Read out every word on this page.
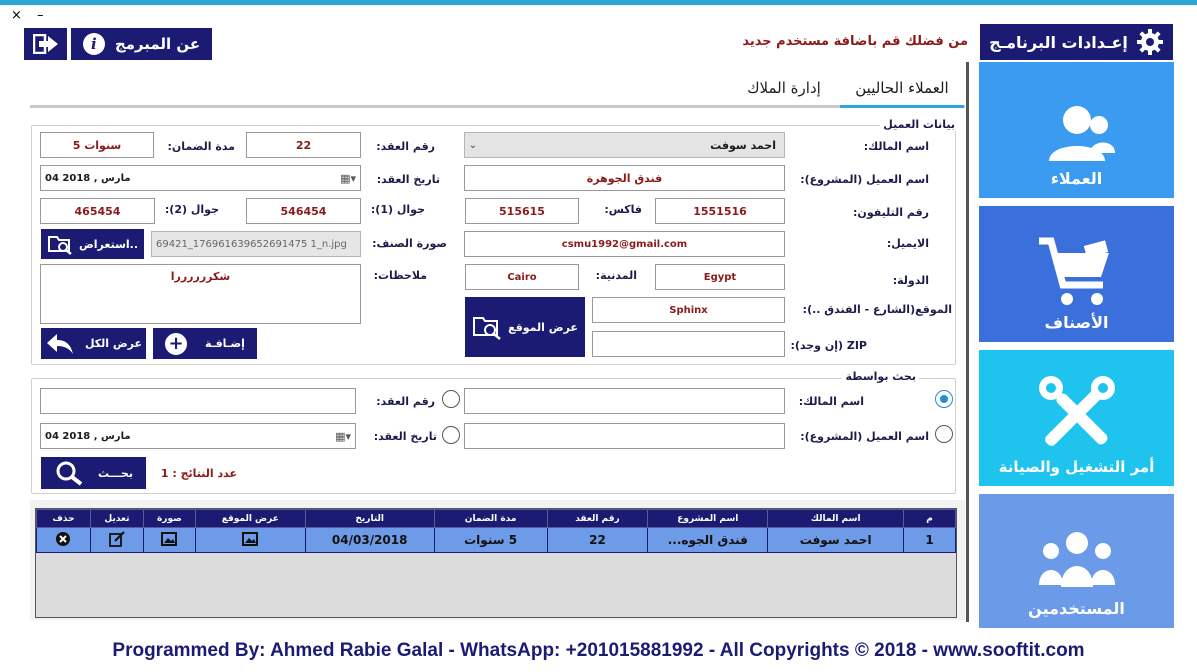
× –
عن المبرمج
i	من فضلك قم باضافة مستخدم جديد إعـدادات البرنامـج
العملاء الحاليين
إدارة الملاك
بيانات العميل
اسم المالك:
⌄	احمد سوفت
رقم العقد:
22
مدة الضمان:
5 سنوات
اسم العميل (المشروع):
فندق الجوهرة
تاريخ العقد:
04 مارس , 2018	▦▾
رقم التليفون:
1551516
فاكس:
515615
جوال (1):
546454
جوال (2):
465454
الايميل:
csmu1992@gmail.com
صورة الصنف:
69421_176961639652691475 1_n.jpg
استعراض..
الدولة:
Egypt
المدنية:
Cairo
ملاحظات:
شكررررررا
الموقع(الشارع - الفندق ..):
Sphinx
عرض الموقع
ZIP (إن وجد):
إضـافـة
+
عرض الكل
بحث بواسطة
اسم المالك:
رقم العقد:
اسم العميل (المشروع):
تاريخ العقد:
04 مارس , 2018	▦▾
بحـــث	عدد النتائج : 1
م	اسم المالك	اسم المشروع	رقم العقد	مدة الضمان	التاريخ	عرض الموقع	صورة	تعديل	حذف
1	احمد سوفت	فندق الجوه...	22	5 سنوات	04/03/2018				
العملاء
الأصناف
أمر التشغيل والصيانة
المستخدمين
Programmed By: Ahmed Rabie Galal - WhatsApp: +201015881992 - All Copyrights © 2018 - www.sooftit.com
